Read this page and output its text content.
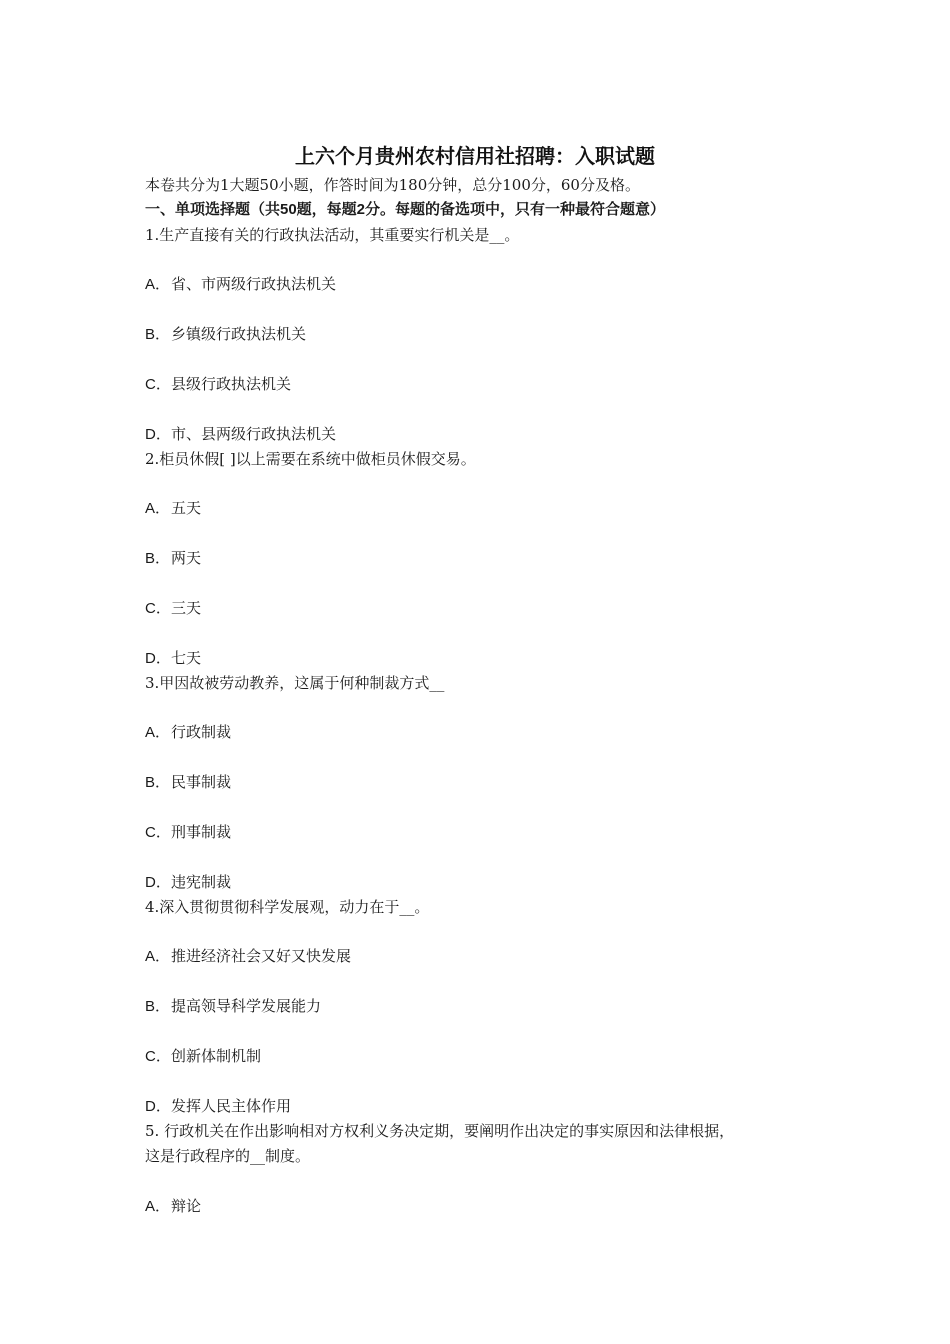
上六个月贵州农村信用社招聘：入职试题
本卷共分为1大题50小题，作答时间为180分钟，总分100分，60分及格。
一、单项选择题（共50题，每题2分。每题的备选项中，只有一种最符合题意）
1.生产直接有关的行政执法活动，其重要实行机关是__。
A．省、市两级行政执法机关
B．乡镇级行政执法机关
C．县级行政执法机关
D．市、县两级行政执法机关
2.柜员休假[ ]以上需要在系统中做柜员休假交易。
A．五天
B．两天
C．三天
D．七天
3.甲因故被劳动教养，这属于何种制裁方式__
A．行政制裁
B．民事制裁
C．刑事制裁
D．违宪制裁
4.深入贯彻贯彻科学发展观，动力在于__。
A．推进经济社会又好又快发展
B．提高领导科学发展能力
C．创新体制机制
D．发挥人民主体作用
5. 行政机关在作出影响相对方权利义务决定期，要阐明作出决定的事实原因和法律根据，
这是行政程序的__制度。
A．辩论
